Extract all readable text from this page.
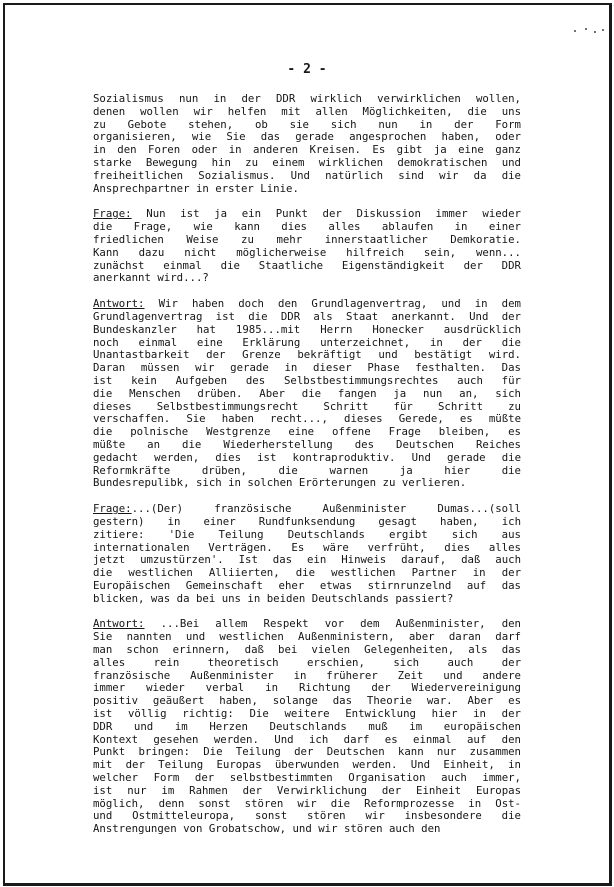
- 2 -
Sozialismus nun in der DDR wirklich verwirklichen wollen,
denen wollen wir helfen mit allen Möglichkeiten, die uns
zu Gebote stehen, ob sie sich nun in der Form
organisieren, wie Sie das gerade angesprochen haben, oder
in den Foren oder in anderen Kreisen. Es gibt ja eine ganz
starke Bewegung hin zu einem wirklichen demokratischen und
freiheitlichen Sozialismus. Und natürlich sind wir da die
Ansprechpartner in erster Linie.
Frage: Nun ist ja ein Punkt der Diskussion immer wieder
die Frage, wie kann dies alles ablaufen in einer
friedlichen Weise zu mehr innerstaatlicher Demkoratie.
Kann dazu nicht möglicherweise hilfreich sein, wenn...
zunächst einmal die Staatliche Eigenständigkeit der DDR
anerkannt wird...?
Antwort: Wir haben doch den Grundlagenvertrag, und in dem
Grundlagenvertrag ist die DDR als Staat anerkannt. Und der
Bundeskanzler hat 1985...mit Herrn Honecker ausdrücklich
noch einmal eine Erklärung unterzeichnet, in der die
Unantastbarkeit der Grenze bekräftigt und bestätigt wird.
Daran müssen wir gerade in dieser Phase festhalten. Das
ist kein Aufgeben des Selbstbestimmungsrechtes auch für
die Menschen drüben. Aber die fangen ja nun an, sich
dieses Selbstbestimmungsrecht Schritt für Schritt zu
verschaffen. Sie haben recht..., dieses Gerede, es müßte
die polnische Westgrenze eine offene Frage bleiben, es
müßte an die Wiederherstellung des Deutschen Reiches
gedacht werden, dies ist kontraproduktiv. Und gerade die
Reformkräfte drüben, die warnen ja hier die
Bundesrepulibk, sich in solchen Erörterungen zu verlieren.
Frage:...(Der) französische Außenminister Dumas...(soll
gestern) in einer Rundfunksendung gesagt haben, ich
zitiere: 'Die Teilung Deutschlands ergibt sich aus
internationalen Verträgen. Es wäre verfrüht, dies alles
jetzt umzustürzen'. Ist das ein Hinweis darauf, daß auch
die westlichen Alliierten, die westlichen Partner in der
Europäischen Gemeinschaft eher etwas stirnrunzelnd auf das
blicken, was da bei uns in beiden Deutschlands passiert?
Antwort: ...Bei allem Respekt vor dem Außenminister, den
Sie nannten und westlichen Außenministern, aber daran darf
man schon erinnern, daß bei vielen Gelegenheiten, als das
alles rein theoretisch erschien, sich auch der
französische Außenminister in früherer Zeit und andere
immer wieder verbal in Richtung der Wiedervereinigung
positiv geäußert haben, solange das Theorie war. Aber es
ist völlig richtig: Die weitere Entwicklung hier in der
DDR und im Herzen Deutschlands muß im europäischen
Kontext gesehen werden. Und ich darf es einmal auf den
Punkt bringen: Die Teilung der Deutschen kann nur zusammen
mit der Teilung Europas überwunden werden. Und Einheit, in
welcher Form der selbstbestimmten Organisation auch immer,
ist nur im Rahmen der Verwirklichung der Einheit Europas
möglich, denn sonst stören wir die Reformprozesse in Ost-
und Ostmitteleuropa, sonst stören wir insbesondere die
Anstrengungen von Grobatschow, und wir stören auch den
